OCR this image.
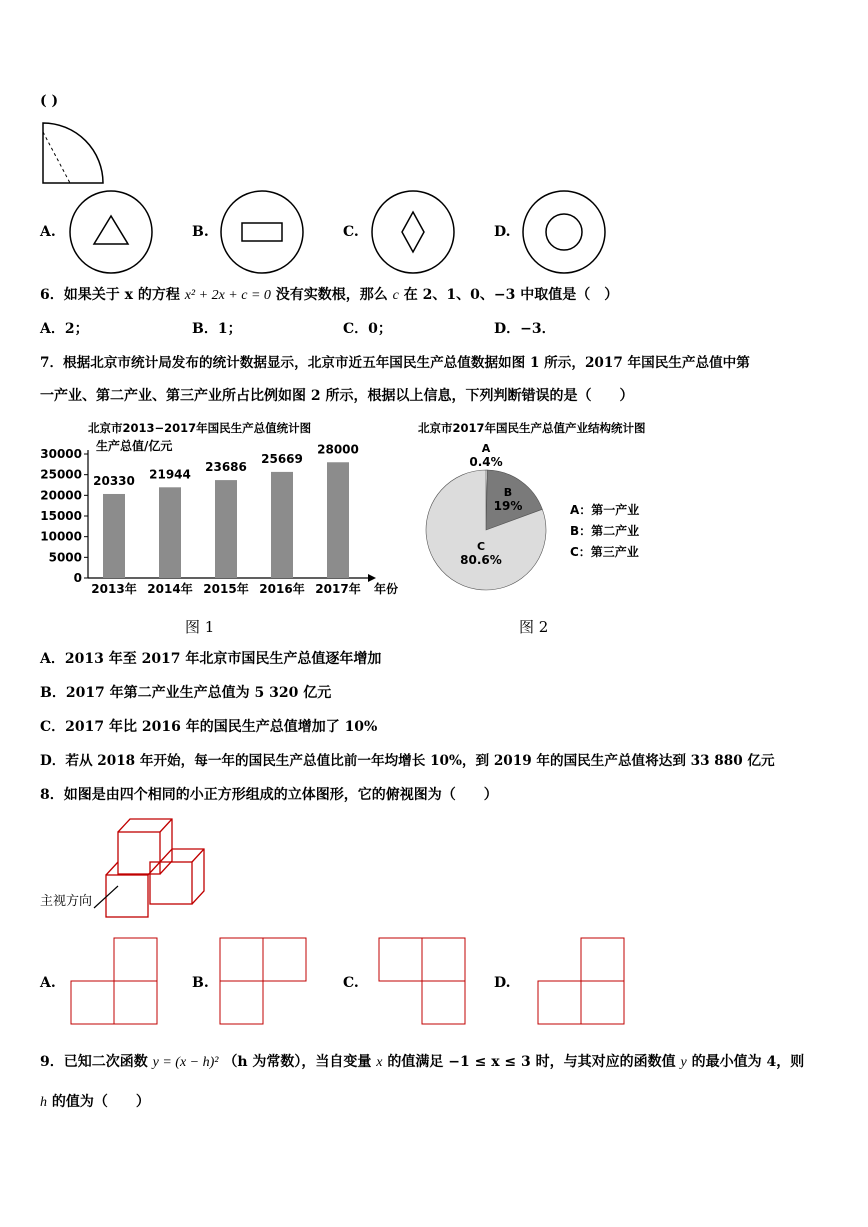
( )
A.	B.	C.	D.
6．如果关于 x 的方程 x² + 2x + c = 0 没有实数根，那么 c 在 2、1、0、−3 中取值是（　）
A．2；	B．1；	C．0；	D．−3．
7．根据北京市统计局发布的统计数据显示，北京市近五年国民生产总值数据如图 1 所示，2017 年国民生产总值中第
一产业、第二产业、第三产业所占比例如图 2 所示，根据以上信息，下列判断错误的是（　　）
北京市2013−2017年国民生产总值统计图
生产总值/亿元
年份
0
5000
10000
15000
20000
25000
30000
20330
2013年
21944
2014年
23686
2015年
25669
2016年
28000
2017年
图 1
北京市2017年国民生产总值产业结构统计图
A
0.4%
B
19%
C
80.6%
A：第一产业
B：第二产业
C：第三产业
图 2
A．2013 年至 2017 年北京市国民生产总值逐年增加
B．2017 年第二产业生产总值为 5 320 亿元
C．2017 年比 2016 年的国民生产总值增加了 10%
D．若从 2018 年开始，每一年的国民生产总值比前一年均增长 10%，到 2019 年的国民生产总值将达到 33 880 亿元
8．如图是由四个相同的小正方形组成的立体图形，它的俯视图为（　　）
主视方向
A.	B.	C.	D.
9．已知二次函数 y = (x − h)² （h 为常数），当自变量 x 的值满足 −1 ≤ x ≤ 3 时，与其对应的函数值 y 的最小值为 4，则
h 的值为（　　）
